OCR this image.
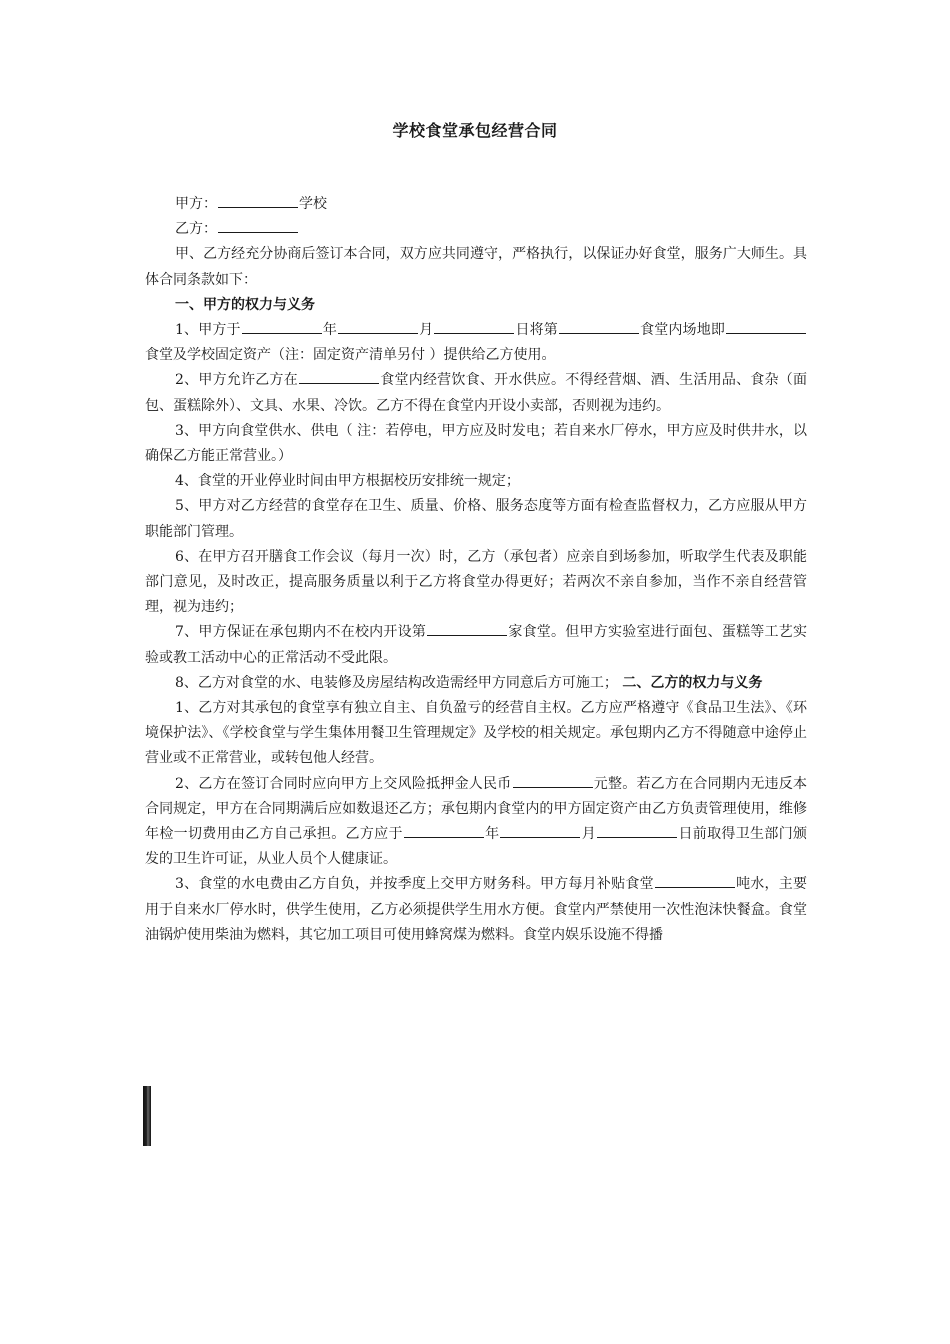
学校食堂承包经营合同

甲方：	学校

乙方：

甲、乙方经充分协商后签订本合同，双方应共同遵守，严格执行，以保证办好食堂，服务广大师生。具体合同条款如下：

一、甲方的权力与义务

1、甲方于	年	月	日将第	食堂内场地即食堂及学校固定资产（注：固定资产清单另付 ）提供给乙方使用。

2、甲方允许乙方在	食堂内经营饮食、开水供应。不得经营烟、酒、生活用品、食杂（面包、蛋糕除外）、文具、水果、冷饮。乙方不得在食堂内开设小卖部，否则视为违约。

3、甲方向食堂供水、供电（ 注：若停电，甲方应及时发电；若自来水厂停水，甲方应及时供井水，以确保乙方能正常营业。）

4、食堂的开业停业时间由甲方根据校历安排统一规定；

5、甲方对乙方经营的食堂存在卫生、质量、价格、服务态度等方面有检查监督权力，乙方应服从甲方职能部门管理。

6、在甲方召开膳食工作会议（每月一次）时，乙方（承包者）应亲自到场参加，听取学生代表及职能部门意见，及时改正，提高服务质量以利于乙方将食堂办得更好；若两次不亲自参加，当作不亲自经营管理，视为违约；

7、甲方保证在承包期内不在校内开设第	家食堂。但甲方实验室进行面包、蛋糕等工艺实验或教工活动中心的正常活动不受此限。

8、乙方对食堂的水、电装修及房屋结构改造需经甲方同意后方可施工； 二、乙方的权力与义务

1、乙方对其承包的食堂享有独立自主、自负盈亏的经营自主权。乙方应严格遵守《食品卫生法》、《环境保护法》、《学校食堂与学生集体用餐卫生管理规定》及学校的相关规定。承包期内乙方不得随意中途停止营业或不正常营业，或转包他人经营。

2、乙方在签订合同时应向甲方上交风险抵押金人民币	元整。若乙方在合同期内无违反本合同规定，甲方在合同期满后应如数退还乙方；承包期内食堂内的甲方固定资产由乙方负责管理使用，维修年检一切费用由乙方自己承担。乙方应于	年	月	日前取得卫生部门颁发的卫生许可证，从业人员个人健康证。

3、食堂的水电费由乙方自负，并按季度上交甲方财务科。甲方每月补贴食堂	吨水，主要用于自来水厂停水时，供学生使用，乙方必须提供学生用水方便。食堂内严禁使用一次性泡沫快餐盒。食堂油锅炉使用柴油为燃料，其它加工项目可使用蜂窝煤为燃料。食堂内娱乐设施不得播
